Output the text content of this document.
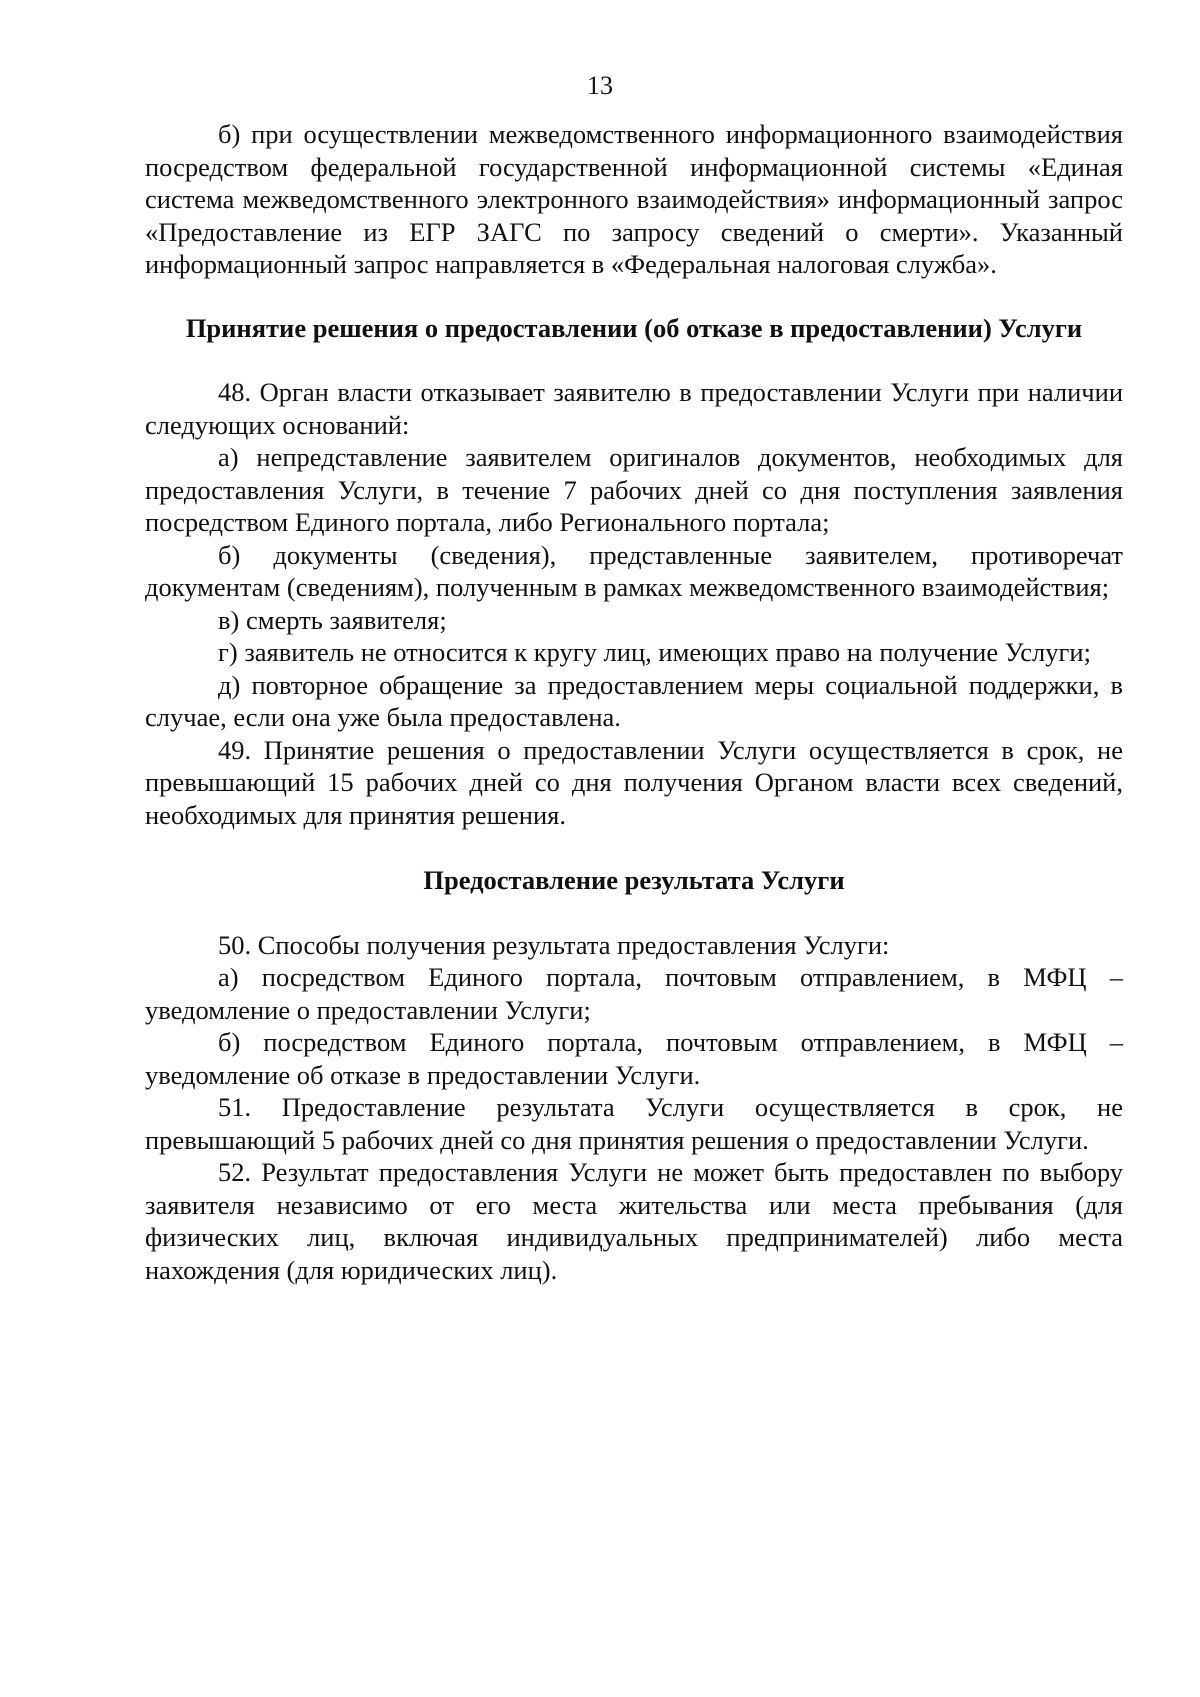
13

б) при осуществлении межведомственного информационного взаимодействия посредством федеральной государственной информационной системы «Единая система межведомственного электронного взаимодействия» информационный запрос «Предоставление из ЕГР ЗАГС по запросу сведений о смерти». Указанный информационный запрос направляется в «Федеральная налоговая служба».

Принятие решения о предоставлении (об отказе в предоставлении) Услуги

48. Орган власти отказывает заявителю в предоставлении Услуги при наличии следующих оснований:

а) непредставление заявителем оригиналов документов, необходимых для предоставления Услуги, в течение 7 рабочих дней со дня поступления заявления посредством Единого портала, либо Регионального портала;

б) документы (сведения), представленные заявителем, противоречат документам (сведениям), полученным в рамках межведомственного взаимодействия;

в) смерть заявителя;

г) заявитель не относится к кругу лиц, имеющих право на получение Услуги;

д) повторное обращение за предоставлением меры социальной поддержки, в случае, если она уже была предоставлена.

49. Принятие решения о предоставлении Услуги осуществляется в срок, не превышающий 15 рабочих дней со дня получения Органом власти всех сведений, необходимых для принятия решения.

Предоставление результата Услуги

50. Способы получения результата предоставления Услуги:

а) посредством Единого портала, почтовым отправлением, в МФЦ – уведомление о предоставлении Услуги;

б) посредством Единого портала, почтовым отправлением, в МФЦ – уведомление об отказе в предоставлении Услуги.

51. Предоставление результата Услуги осуществляется в срок, не превышающий 5 рабочих дней со дня принятия решения о предоставлении Услуги.

52. Результат предоставления Услуги не может быть предоставлен по выбору заявителя независимо от его места жительства или места пребывания (для физических лиц, включая индивидуальных предпринимателей) либо места нахождения (для юридических лиц).
